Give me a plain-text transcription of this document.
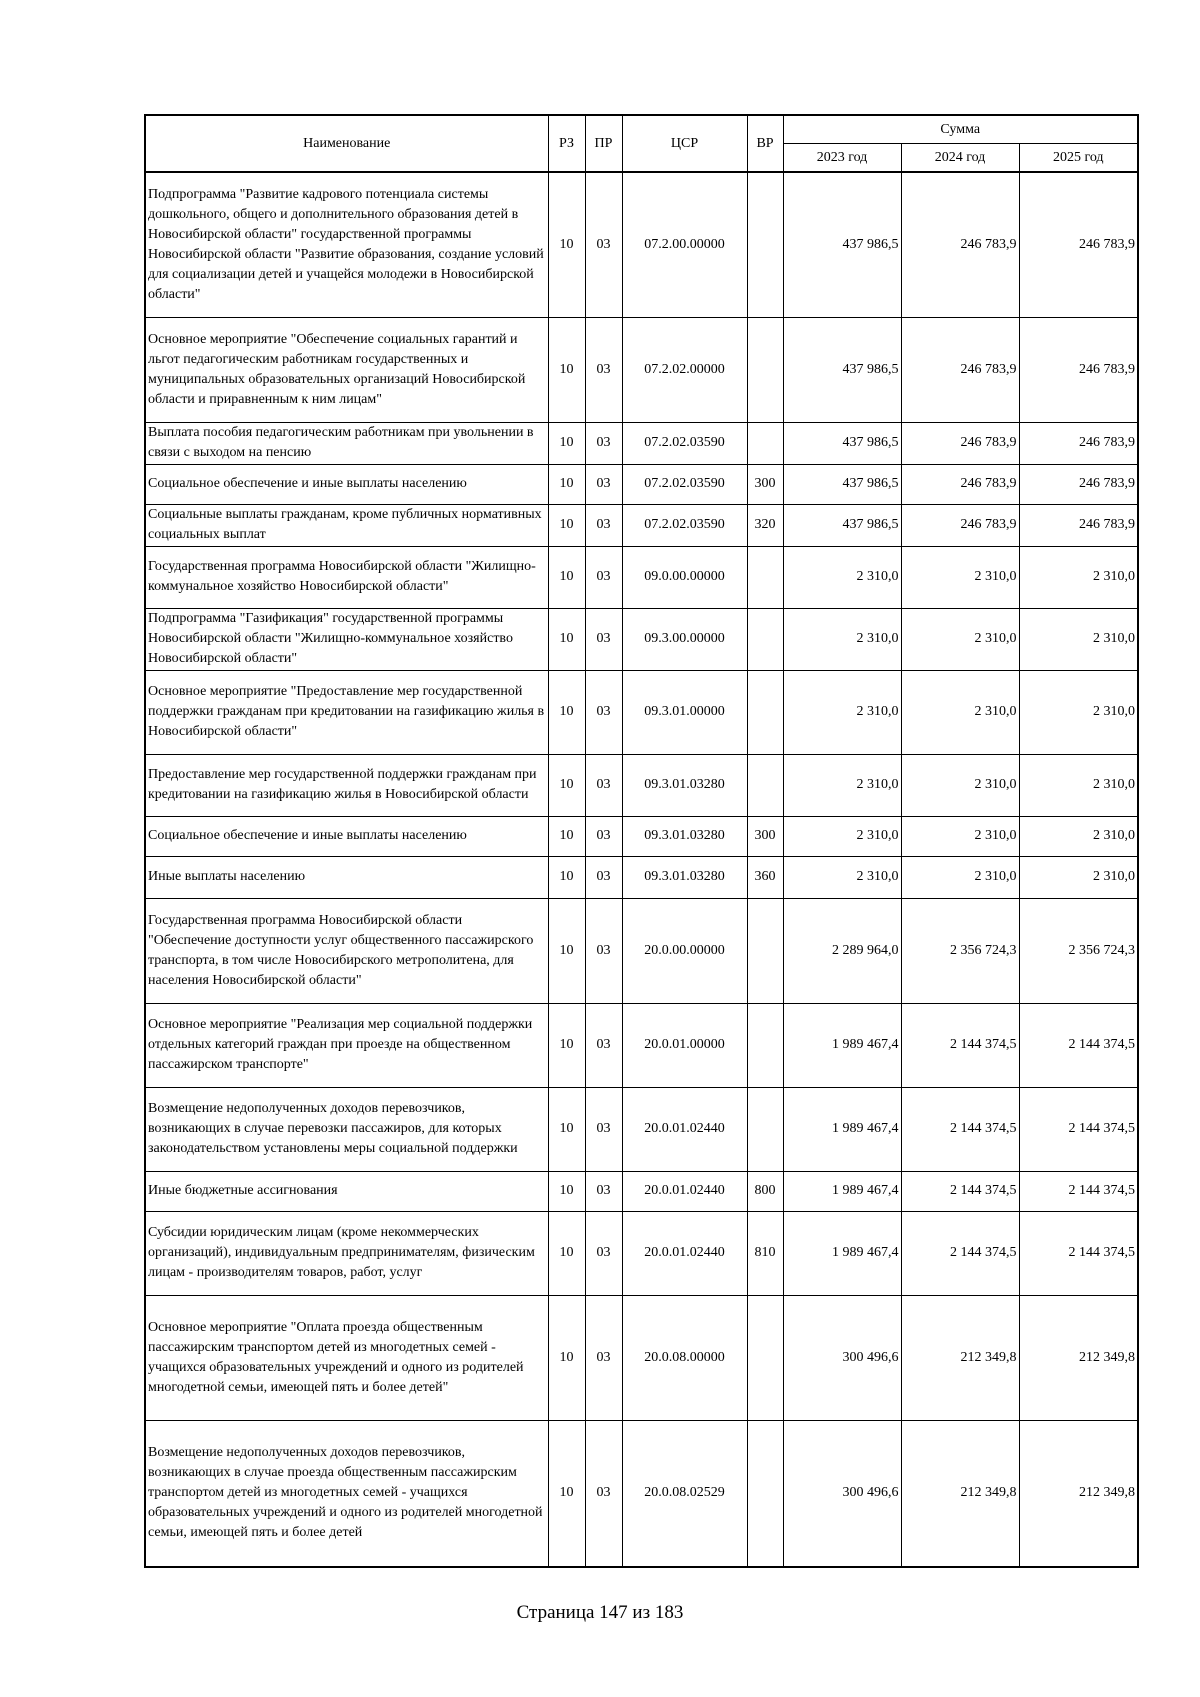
Наименование	РЗ	ПР	ЦСР	ВР	Сумма		
					2023 год	2024 год	2025 год
Подпрограмма "Развитие кадрового потенциала системы дошкольного, общего и дополнительного образования детей в Новосибирской области" государственной программы Новосибирской области "Развитие образования, создание условий для социализации детей и учащейся молодежи в Новосибирской области"	10	03	07.2.00.00000		437 986,5	246 783,9	246 783,9
Основное мероприятие "Обеспечение социальных гарантий и льгот педагогическим работникам государственных и муниципальных образовательных организаций Новосибирской области и приравненным к ним лицам"	10	03	07.2.02.00000		437 986,5	246 783,9	246 783,9
Выплата пособия педагогическим работникам при увольнении в связи с выходом на пенсию	10	03	07.2.02.03590		437 986,5	246 783,9	246 783,9
Социальное обеспечение и иные выплаты населению	10	03	07.2.02.03590	300	437 986,5	246 783,9	246 783,9
Социальные выплаты гражданам, кроме публичных нормативных социальных выплат	10	03	07.2.02.03590	320	437 986,5	246 783,9	246 783,9
Государственная программа Новосибирской области "Жилищно-коммунальное хозяйство Новосибирской области"	10	03	09.0.00.00000		2 310,0	2 310,0	2 310,0
Подпрограмма "Газификация" государственной программы Новосибирской области "Жилищно-коммунальное хозяйство Новосибирской области"	10	03	09.3.00.00000		2 310,0	2 310,0	2 310,0
Основное мероприятие "Предоставление мер государственной поддержки гражданам при кредитовании на газификацию жилья в Новосибирской области"	10	03	09.3.01.00000		2 310,0	2 310,0	2 310,0
Предоставление мер государственной поддержки гражданам при кредитовании на газификацию жилья в Новосибирской области	10	03	09.3.01.03280		2 310,0	2 310,0	2 310,0
Социальное обеспечение и иные выплаты населению	10	03	09.3.01.03280	300	2 310,0	2 310,0	2 310,0
Иные выплаты населению	10	03	09.3.01.03280	360	2 310,0	2 310,0	2 310,0
Государственная программа Новосибирской области "Обеспечение доступности услуг общественного пассажирского транспорта, в том числе Новосибирского метрополитена, для населения Новосибирской области"	10	03	20.0.00.00000		2 289 964,0	2 356 724,3	2 356 724,3
Основное мероприятие "Реализация мер социальной поддержки отдельных категорий граждан при проезде на общественном пассажирском транспорте"	10	03	20.0.01.00000		1 989 467,4	2 144 374,5	2 144 374,5
Возмещение недополученных доходов перевозчиков, возникающих в случае перевозки пассажиров, для которых законодательством установлены меры социальной поддержки	10	03	20.0.01.02440		1 989 467,4	2 144 374,5	2 144 374,5
Иные бюджетные ассигнования	10	03	20.0.01.02440	800	1 989 467,4	2 144 374,5	2 144 374,5
Субсидии юридическим лицам (кроме некоммерческих организаций), индивидуальным предпринимателям, физическим лицам - производителям товаров, работ, услуг	10	03	20.0.01.02440	810	1 989 467,4	2 144 374,5	2 144 374,5
Основное мероприятие "Оплата проезда общественным пассажирским транспортом детей из многодетных семей - учащихся образовательных учреждений и одного из родителей многодетной семьи, имеющей пять и более детей"	10	03	20.0.08.00000		300 496,6	212 349,8	212 349,8
Возмещение недополученных доходов перевозчиков, возникающих в случае проезда общественным пассажирским транспортом детей из многодетных семей - учащихся образовательных учреждений и одного из родителей многодетной семьи, имеющей пять и более детей	10	03	20.0.08.02529		300 496,6	212 349,8	212 349,8
Страница 147 из 183
